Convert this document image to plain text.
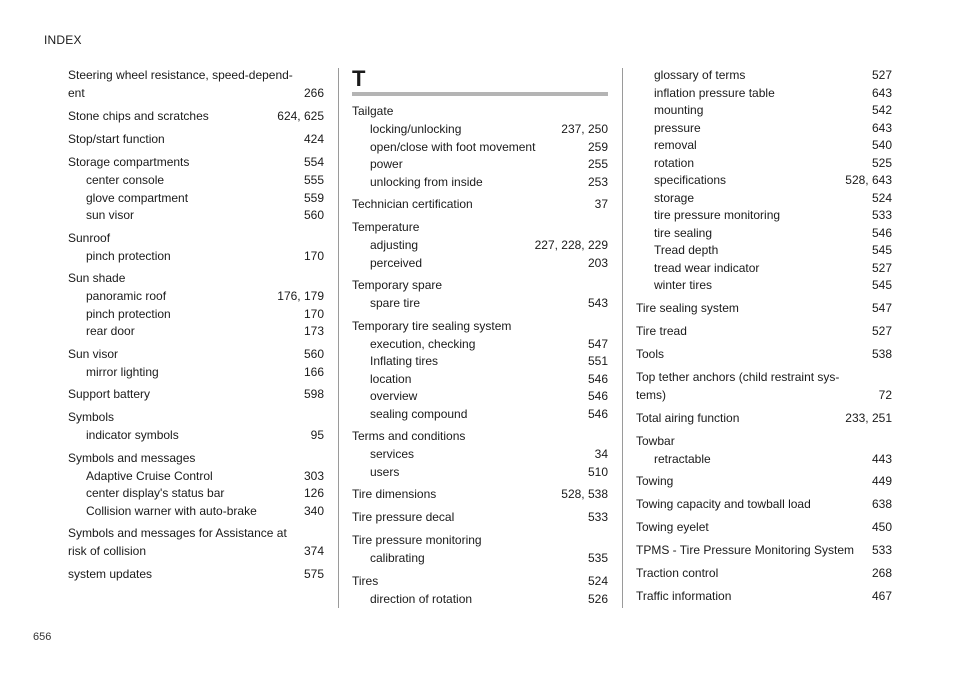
INDEX
Steering wheel resistance, speed-depend-
ent	266
Stone chips and scratches	624, 625
Stop/start function	424
Storage compartments	554
center console	555
glove compartment	559
sun visor	560
Sunroof
pinch protection	170
Sun shade
panoramic roof	176, 179
pinch protection	170
rear door	173
Sun visor	560
mirror lighting	166
Support battery	598
Symbols
indicator symbols	95
Symbols and messages
Adaptive Cruise Control	303
center display's status bar	126
Collision warner with auto-brake	340
Symbols and messages for Assistance at
risk of collision	374
system updates	575
T
Tailgate
locking/unlocking	237, 250
open/close with foot movement	259
power	255
unlocking from inside	253
Technician certification	37
Temperature
adjusting	227, 228, 229
perceived	203
Temporary spare
spare tire	543
Temporary tire sealing system
execution, checking	547
Inflating tires	551
location	546
overview	546
sealing compound	546
Terms and conditions
services	34
users	510
Tire dimensions	528, 538
Tire pressure decal	533
Tire pressure monitoring
calibrating	535
Tires	524
direction of rotation	526
glossary of terms	527
inflation pressure table	643
mounting	542
pressure	643
removal	540
rotation	525
specifications	528, 643
storage	524
tire pressure monitoring	533
tire sealing	546
Tread depth	545
tread wear indicator	527
winter tires	545
Tire sealing system	547
Tire tread	527
Tools	538
Top tether anchors (child restraint sys-
tems)	72
Total airing function	233, 251
Towbar
retractable	443
Towing	449
Towing capacity and towball load	638
Towing eyelet	450
TPMS - Tire Pressure Monitoring System	533
Traction control	268
Traffic information	467
656
